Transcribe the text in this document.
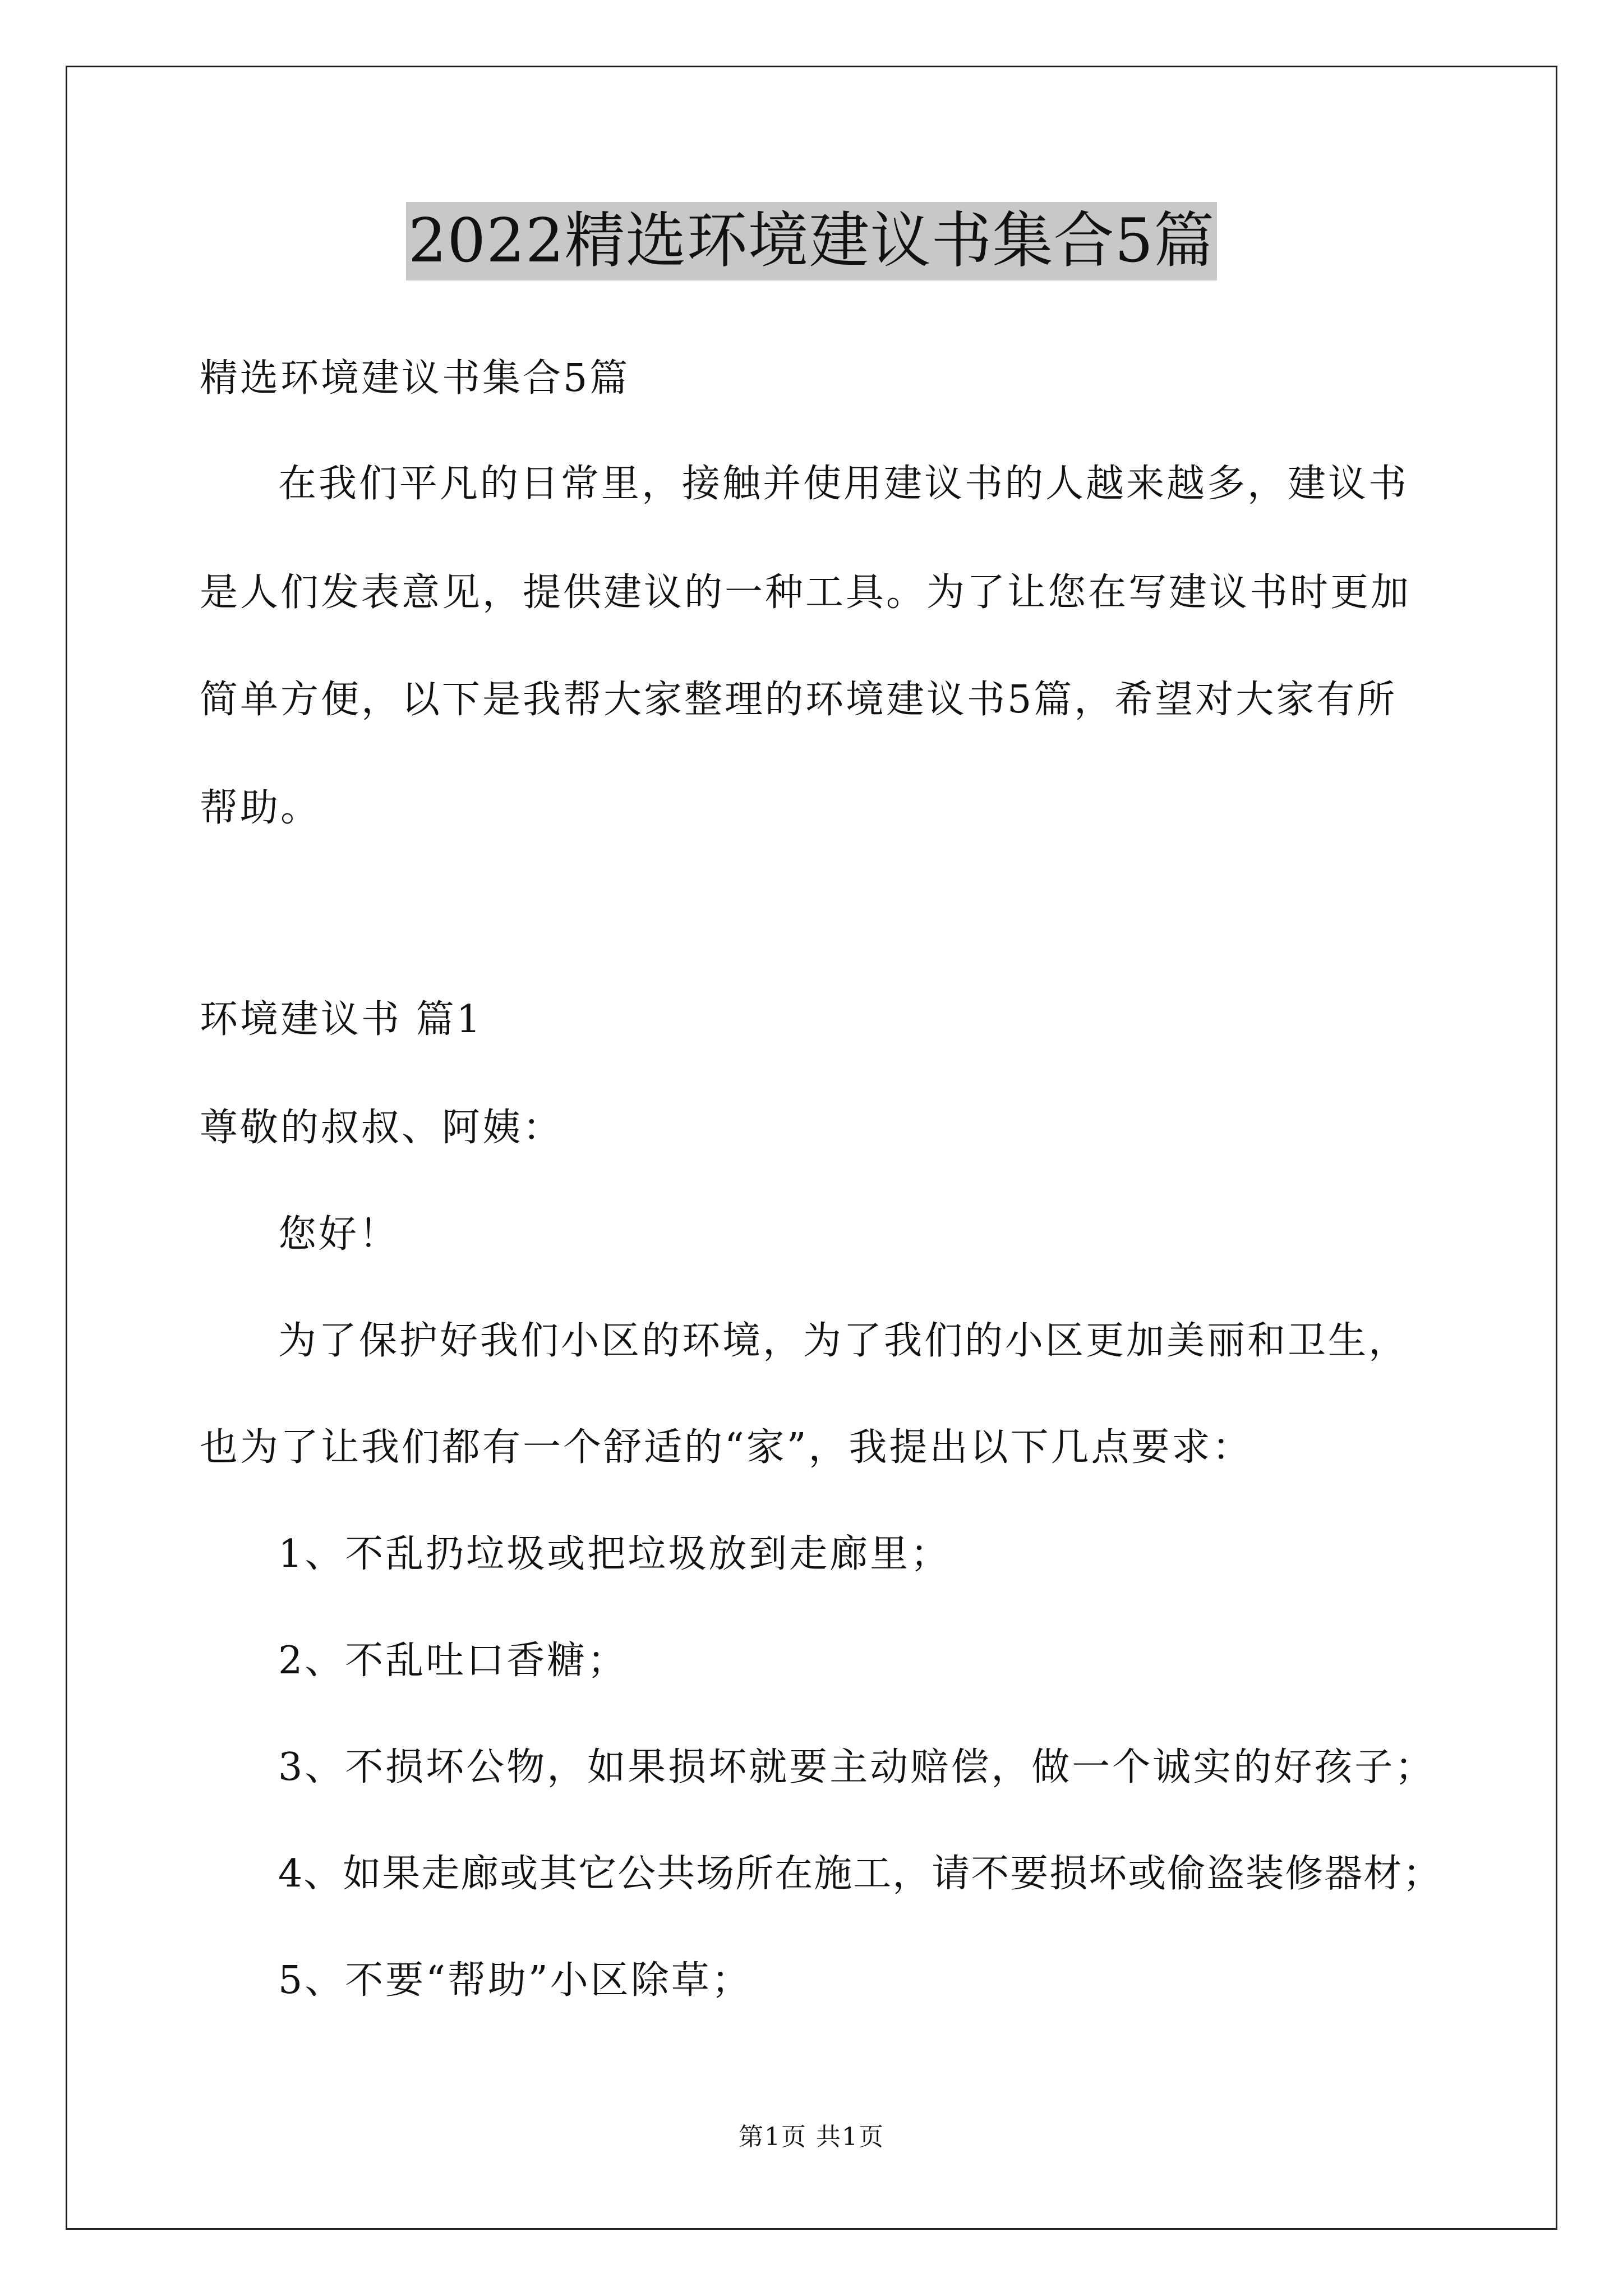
2022精选环境建议书集合5篇
精选环境建议书集合5篇
在我们平凡的日常里，接触并使用建议书的人越来越多，建议书
是人们发表意见，提供建议的一种工具。为了让您在写建议书时更加
简单方便，以下是我帮大家整理的环境建议书5篇，希望对大家有所
帮助。
环境建议书 篇1
尊敬的叔叔、阿姨：
您好！
为了保护好我们小区的环境，为了我们的小区更加美丽和卫生，
也为了让我们都有一个舒适的“家”，我提出以下几点要求：
1、不乱扔垃圾或把垃圾放到走廊里；
2、不乱吐口香糖；
3、不损坏公物，如果损坏就要主动赔偿，做一个诚实的好孩子；
4、如果走廊或其它公共场所在施工，请不要损坏或偷盗装修器材；
5、不要“帮助”小区除草；
第1页 共1页
